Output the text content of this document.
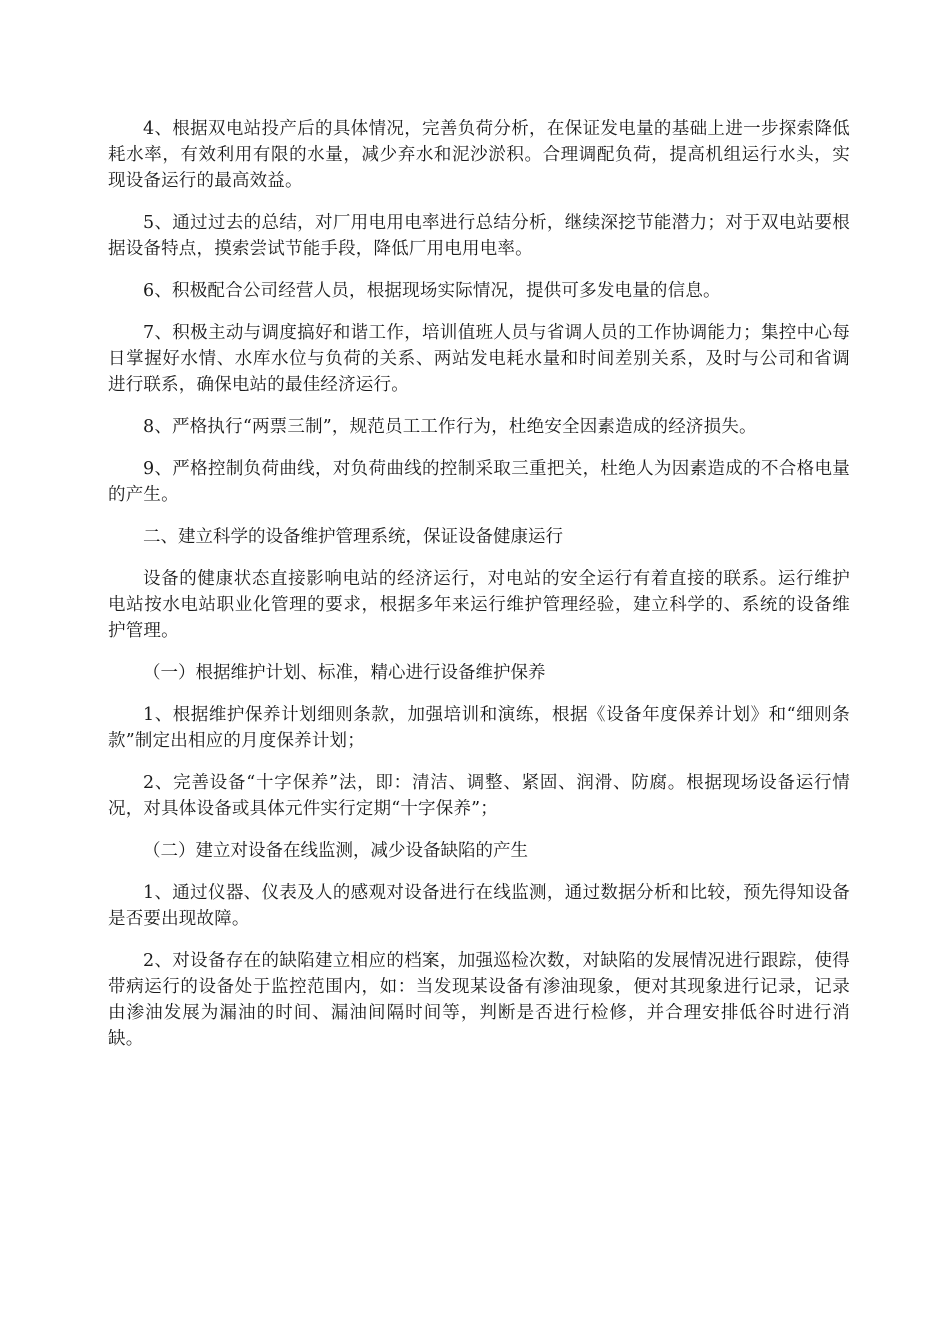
4、根据双电站投产后的具体情况，完善负荷分析，在保证发电量的基础上进一步探索降低耗水率，有效利用有限的水量，减少弃水和泥沙淤积。合理调配负荷，提高机组运行水头，实现设备运行的最高效益。

5、通过过去的总结，对厂用电用电率进行总结分析，继续深挖节能潜力；对于双电站要根据设备特点，摸索尝试节能手段，降低厂用电用电率。

6、积极配合公司经营人员，根据现场实际情况，提供可多发电量的信息。

7、积极主动与调度搞好和谐工作，培训值班人员与省调人员的工作协调能力；集控中心每日掌握好水情、水库水位与负荷的关系、两站发电耗水量和时间差别关系，及时与公司和省调进行联系，确保电站的最佳经济运行。

8、严格执行“两票三制”，规范员工工作行为，杜绝安全因素造成的经济损失。

9、严格控制负荷曲线，对负荷曲线的控制采取三重把关，杜绝人为因素造成的不合格电量的产生。

二、建立科学的设备维护管理系统，保证设备健康运行

设备的健康状态直接影响电站的经济运行，对电站的安全运行有着直接的联系。运行维护电站按水电站职业化管理的要求，根据多年来运行维护管理经验，建立科学的、系统的设备维护管理。

（一）根据维护计划、标准，精心进行设备维护保养

1、根据维护保养计划细则条款，加强培训和演练，根据《设备年度保养计划》和“细则条款”制定出相应的月度保养计划；

2、完善设备“十字保养”法，即：清洁、调整、紧固、润滑、防腐。根据现场设备运行情况，对具体设备或具体元件实行定期“十字保养”；

（二）建立对设备在线监测，减少设备缺陷的产生

1、通过仪器、仪表及人的感观对设备进行在线监测，通过数据分析和比较，预先得知设备是否要出现故障。

2、对设备存在的缺陷建立相应的档案，加强巡检次数，对缺陷的发展情况进行跟踪，使得带病运行的设备处于监控范围内，如：当发现某设备有渗油现象，便对其现象进行记录，记录由渗油发展为漏油的时间、漏油间隔时间等，判断是否进行检修，并合理安排低谷时进行消缺。
